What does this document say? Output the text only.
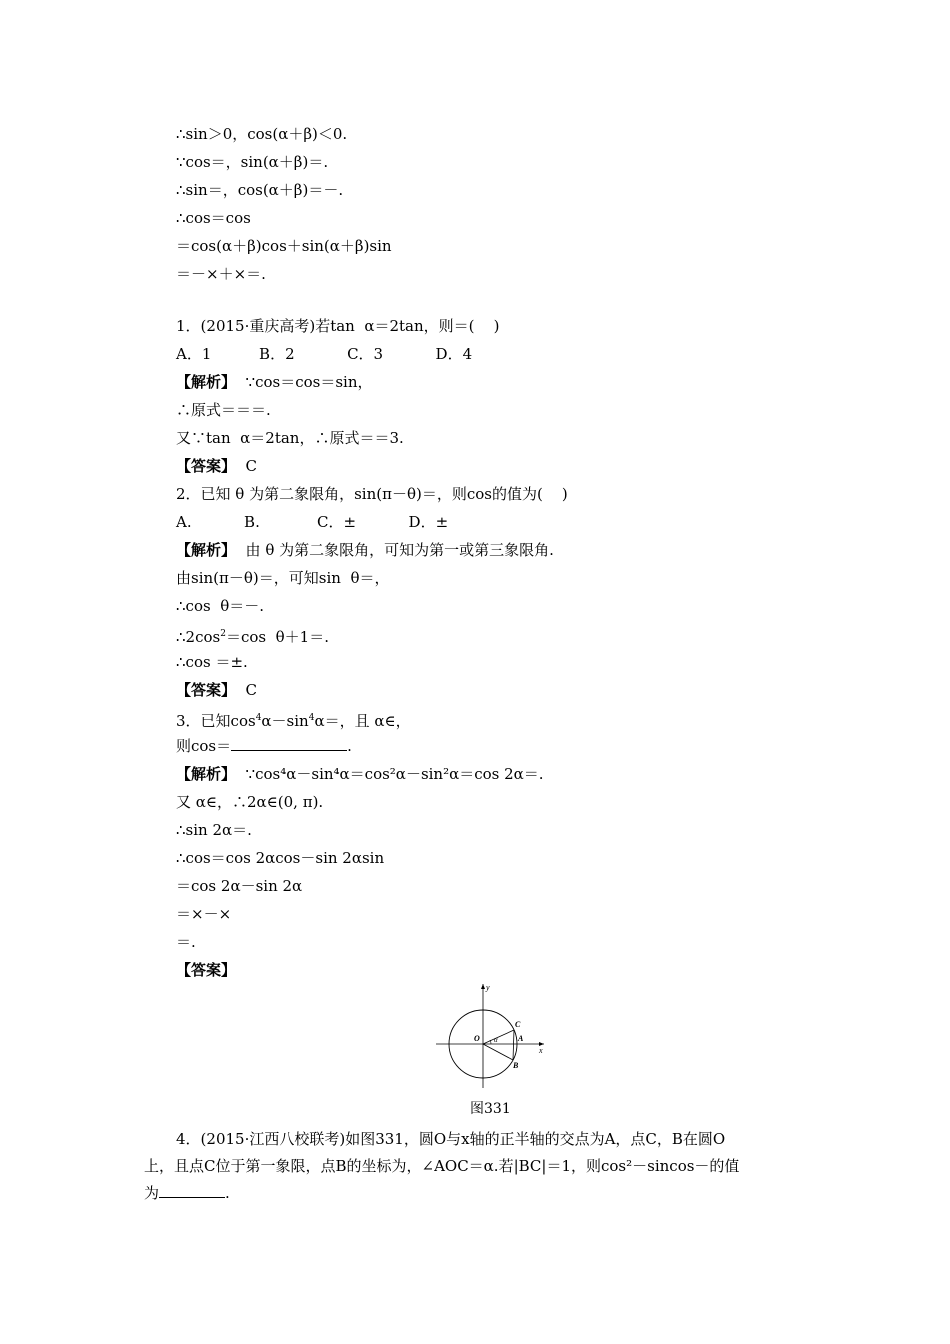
∴sin＞0，cos(α＋β)＜0.
∵cos＝，sin(α＋β)＝.
∴sin＝，cos(α＋β)＝－.
∴cos＝cos
＝cos(α＋β)cos＋sin(α＋β)sin
＝－×＋×＝.
1．(2015·重庆高考)若tan  α＝2tan，则＝(    )
A．1          B．2           C．3           D．4
【解析】  ∵cos＝cos＝sin，
∴原式＝＝＝.
又∵tan  α＝2tan，∴原式＝＝3.
【答案】  C
2．已知 θ 为第二象限角，sin(π－θ)＝，则cos的值为(    )
A.           B.            C．±           D．±
【解析】  由 θ 为第二象限角，可知为第一或第三象限角.
由sin(π－θ)＝，可知sin  θ＝，
∴cos  θ＝－.
$\therefore 2\cos^2=\cos$  θ＋1＝.
∴cos ＝±.
【答案】  C
3．已知$\cos^4\alpha-\sin^4\alpha=$，且 α∈，
则cos＝	.
【解析】  ∵cos⁴α－sin⁴α＝cos²α－sin²α＝cos 2α＝.
又 α∈，∴2α∈(0, π).
∴sin 2α＝.
∴cos＝cos 2αcos－sin 2αsin
＝cos 2α－sin 2α
＝×－×
＝.
【答案】
x
y
O
C
A
B
α
图331
4．(2015·江西八校联考)如图331，圆O与x轴的正半轴的交点为A，点C，B在圆O
上，且点C位于第一象限，点B的坐标为，∠AOC＝α.若|BC|＝1，则cos²－sincos－的值
为	.
